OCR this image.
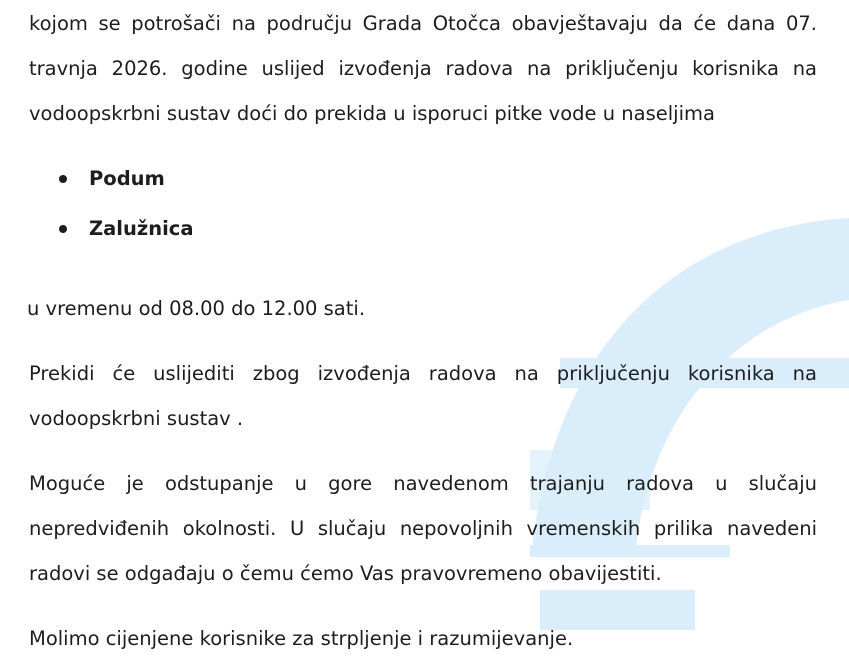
kojom se potrošači na području Grada Otočca obavještavaju da će dana 07.
travnja 2026. godine uslijed izvođenja radova na priključenju korisnika na
vodoopskrbni sustav doći do prekida u isporuci pitke vode u naseljima
Podum
Zalužnica
u vremenu od 08.00 do 12.00 sati.
Prekidi će uslijediti zbog izvođenja radova na priključenju korisnika na
vodoopskrbni sustav .
Moguće je odstupanje u gore navedenom trajanju radova u slučaju
nepredviđenih okolnosti. U slučaju nepovoljnih vremenskih prilika navedeni
radovi se odgađaju o čemu ćemo Vas pravovremeno obavijestiti.
Molimo cijenjene korisnike za strpljenje i razumijevanje.
